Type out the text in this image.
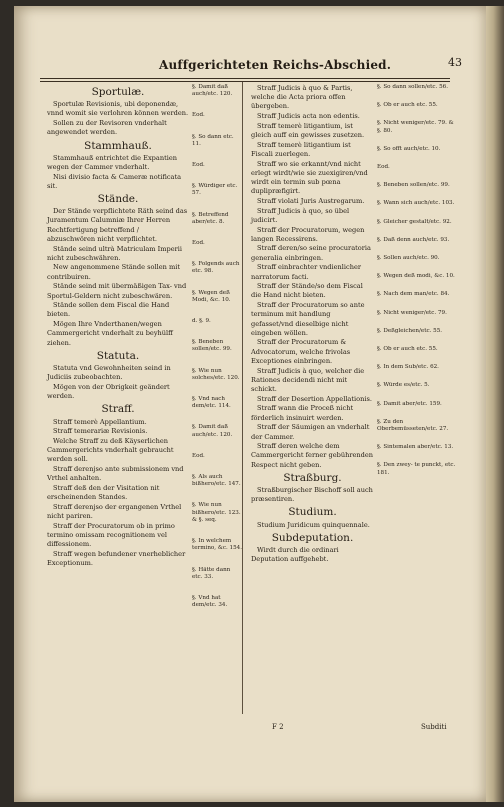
Auffgerichteten Reichs-Abschied.	43
Sportulæ.
Sportulæ Revisionis, ubi deponendæ, vnnd womit sie verlohren können werden.
Sollen zu der Revisoren vnderhalt angewendet werden.
Stammhauß.
Stammhauß entrichtet die Expantien wegen der Cammer vnderhalt.
Nisi divisio facta & Cameræ notificata sit.
Stände.
Der Stände verpflichtete Räth seind das Juramentum Calumniæ Ihrer Herren Rechtfertigung betreffend / abzuschwören nicht verpflichtet.
Stände seind ultrà Matriculam Imperii nicht zubeschwähren.
New angenommene Stände sollen mit contribuiren.
Stände seind mit übermäßigen Tax- vnd Sportul-Geldern nicht zubeschwären.
Stände sollen dem Fiscal die Hand bieten.
Mögen Ihre Vnderthanen/wegen Cammergericht vnderhalt zu beyhülff ziehen.
Statuta.
Statuta vnd Gewohnheiten seind in Judiciis zubeobachten.
Mögen von der Obrigkeit geändert werden.
Straff.
Straff temerè Appellantium.
Straff temerariæ Revisionis.
Welche Straff zu deß Käyserlichen Cammergerichts vnderhalt gebraucht werden soll.
Straff derenjso ante submissionem vnd Vrthel anhalten.
Straff deß den der Visitation nit erscheinenden Standes.
Straff derenjso der ergangenen Vrthel nicht pariren.
Straff der Procuratorum ob in primo termino omissam recognitionem vel diffessionem.
Straff wegen befundener vnerheblicher Exceptionum.
§. Damit daß auch/etc. 120.
Eod.
§. So dann etc. 11.
Eod.
§. Würdiger etc. 57.
§. Betreffend aber/etc. 8.
Eod.
§. Folgends auch etc. 98.
§. Wegen deß Modi, &c. 10.
d. §. 9.
§. Beneben sollen/etc. 99.
§. Wie nun solches/etc. 120.
§. Vnd nach dem/etc. 114.
§. Damit daß auch/etc. 120.
Eod.
§. Als auch bißhero/etc. 147.
§. Wie nun bißhero/etc. 123. & §. seq.
§. In welchem termino, &c. 154.
§. Hätte dann etc. 33.
§. Vnd hat dem/etc. 34.
Straff Judicis à quo & Partis, welche die Acta priora offen übergeben.
Straff Judicis acta non edentis.
Straff temerè litigantium, ist gleich auff ein gewisses zusetzen.
Straff temerè litigantium ist Fiscali zuerlegen.
Straff wo sie erkannt/vnd nicht erlegt wirdt/wie sie zuexigiren/vnd wirdt ein termin sub pœna duplipræfigirt.
Straff violati Juris Austregarum.
Straff Judicis à quo, so übel judicirt.
Straff der Procuratorum, wegen langen Recessirens.
Straff deren/so seine procuratoria generalia einbringen.
Straff einbrachter vndienlicher narratorum facti.
Straff der Stände/so dem Fiscal die Hand nicht bieten.
Straff der Procuratorum so ante terminum mit handlung gefasset/vnd dieselbige nicht eingeben wöllen.
Straff der Procuratorum & Advocatorum, welche frivolas Exceptiones einbringen.
Straff Judicis à quo, welcher die Rationes decidendi nicht mit schickt.
Straff der Desertion Appellationis.
Straff wann die Proceß nicht förderlich insinuirt werden.
Straff der Säumigen an vnderhalt der Cammer.
Straff deren welche dem Cammergericht ferner gebührenden Respect nicht geben.
Straßburg.
Straßburgischer Bischoff soll auch præsentiren.
Studium.
Studium Juridicum quinquennale.
Subdeputation.
Wirdt durch die ordinari Deputation auffgehebt.
§. So dann sollen/etc. 56.
§. Ob er auch etc. 55.
§. Nicht weniger/etc. 79. & §. 80.
§. So offt auch/etc. 10.
Eod.
§. Beneben sollen/etc. 99.
§. Wann sich auch/etc. 103.
§. Gleicher gestalt/etc. 92.
§. Daß denn auch/etc. 93.
§. Sollen auch/etc. 90.
§. Wegen deß modi, &c. 10.
§. Nach dem man/etc. 84.
§. Nicht weniger/etc. 79.
§. Deßgleichen/etc. 55.
§. Ob er auch etc. 55.
§. In dem Sub/etc. 62.
§. Würde es/etc. 5.
§. Damit aber/etc. 159.
§. Zu den Oberbemüsseten/etc. 27.
§. Sintemalen aber/etc. 13.
§. Den zwey- te punckt, etc. 181.
F 2	Subditi
